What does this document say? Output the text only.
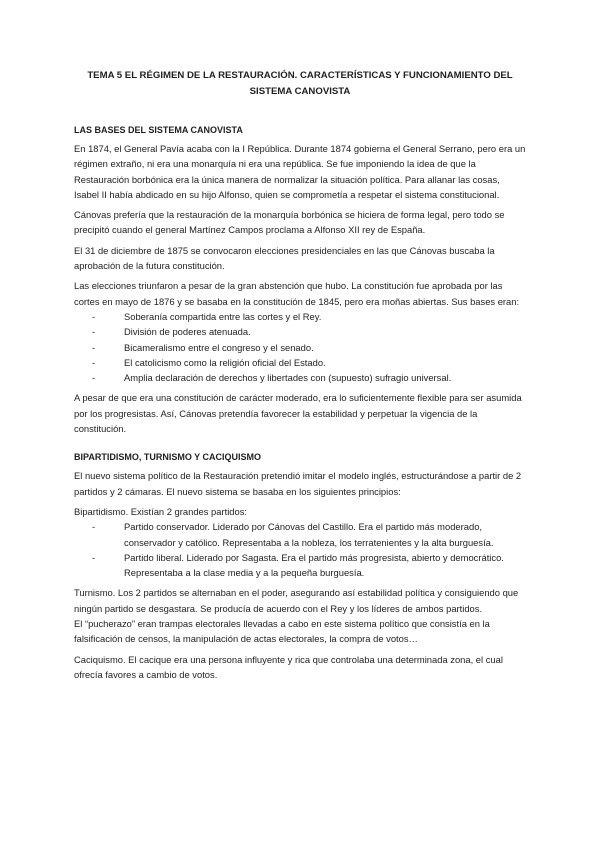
TEMA 5 EL RÉGIMEN DE LA RESTAURACIÓN. CARACTERÍSTICAS Y FUNCIONAMIENTO DEL SISTEMA CANOVISTA
LAS BASES DEL SISTEMA CANOVISTA

En 1874, el General Pavía acaba con la I República. Durante 1874 gobierna el General Serrano, pero era un régimen extraño, ni era una monarquía ni era una república. Se fue imponiendo la idea de que la Restauración borbónica era la única manera de normalizar la situación política. Para allanar las cosas, Isabel II había abdicado en su hijo Alfonso, quien se comprometía a respetar el sistema constitucional.

Cánovas prefería que la restauración de la monarquía borbónica se hiciera de forma legal, pero todo se precipitó cuando el general Martínez Campos proclama a Alfonso XII rey de España.

El 31 de diciembre de 1875 se convocaron elecciones presidenciales en las que Cánovas buscaba la aprobación de la futura constitución.

Las elecciones triunfaron a pesar de la gran abstención que hubo. La constitución fue aprobada por las cortes en mayo de 1876 y se basaba en la constitución de 1845, pero era moñas abiertas. Sus bases eran:

- Soberanía compartida entre las cortes y el Rey.
- División de poderes atenuada.
- Bicameralismo entre el congreso y el senado.
- El catolicismo como la religión oficial del Estado.
- Amplia declaración de derechos y libertades con (supuesto) sufragio universal.

A pesar de que era una constitución de carácter moderado, era lo suficientemente flexible para ser asumida por los progresistas. Así, Cánovas pretendía favorecer la estabilidad y perpetuar la vigencia de la constitución.

BIPARTIDISMO, TURNISMO Y CACIQUISMO

El nuevo sistema político de la Restauración pretendió imitar el modelo inglés, estructurándose a partir de 2 partidos y 2 cámaras. El nuevo sistema se basaba en los siguientes principios:

Bipartidismo. Existían 2 grandes partidos:

- Partido conservador. Liderado por Cánovas del Castillo. Era el partido más moderado, conservador y católico. Representaba a la nobleza, los terratenientes y la alta burguesía.
- Partido liberal. Liderado por Sagasta. Era el partido más progresista, abierto y democrático. Representaba a la clase media y a la pequeña burguesía.

Turnismo. Los 2 partidos se alternaban en el poder, asegurando así estabilidad política y consiguiendo que ningún partido se desgastara. Se producía de acuerdo con el Rey y los líderes de ambos partidos.

El “pucherazo” eran trampas electorales llevadas a cabo en este sistema político que consistía en la falsificación de censos, la manipulación de actas electorales, la compra de votos…

Caciquismo. El cacique era una persona influyente y rica que controlaba una determinada zona, el cual ofrecía favores a cambio de votos.
